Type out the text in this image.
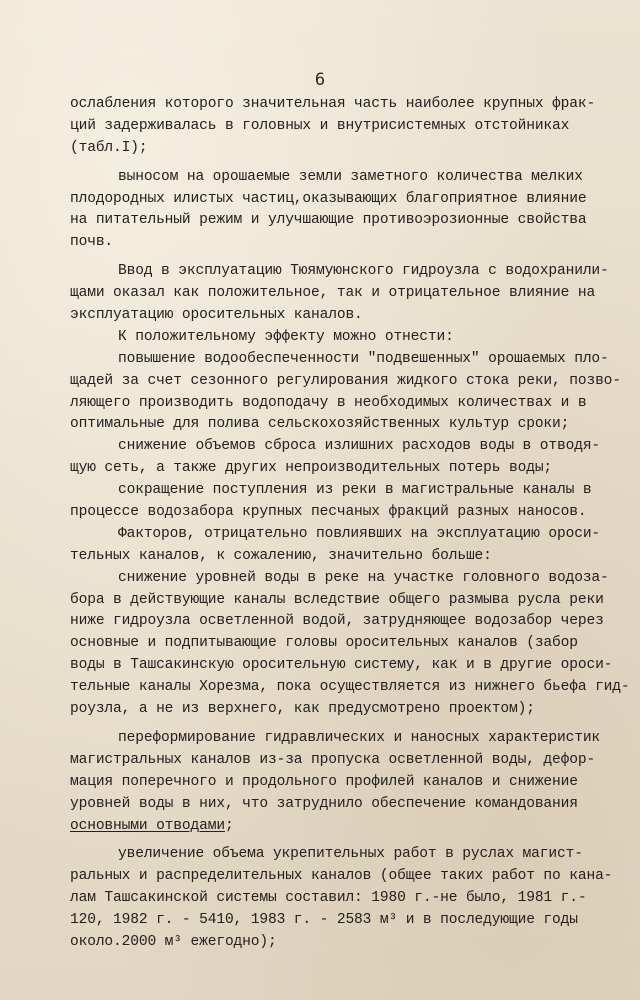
6
ослабления которого значительная часть наиболее крупных фрак-
ций задерживалась в головных и внутрисистемных отстойниках
(табл.I);
выносом на орошаемые земли заметного количества мелких
плодородных илистых частиц,оказывающих благоприятное влияние
на питательный режим и улучшающие противоэрозионные свойства
почв.
Ввод в эксплуатацию Тюямуюнского гидроузла с водохранили-
щами оказал как положительное, так и отрицательное влияние на
эксплуатацию оросительных каналов.
К положительному эффекту можно отнести:
повышение водообеспеченности "подвешенных" орошаемых пло-
щадей за счет сезонного регулирования жидкого стока реки, позво-
ляющего производить водоподачу в необходимых количествах и в
оптимальные для полива сельскохозяйственных культур сроки;
снижение объемов сброса излишних расходов воды в отводя-
щую сеть, а также других непроизводительных потерь воды;
сокращение поступления из реки в магистральные каналы в
процессе водозабора крупных песчаных фракций разных наносов.
Факторов, отрицательно повлиявших на эксплуатацию ороси-
тельных каналов, к сожалению, значительно больше:
снижение уровней воды в реке на участке головного водоза-
бора в действующие каналы вследствие общего размыва русла реки
ниже гидроузла осветленной водой, затрудняющее водозабор через
основные и подпитывающие головы оросительных каналов (забор
воды в Ташсакинскую оросительную систему, как и в другие ороси-
тельные каналы Хорезма, пока осуществляется из нижнего бьефа гид-
роузла, а не из верхнего, как предусмотрено проектом);
переформирование гидравлических и наносных характеристик
магистральных каналов из-за пропуска осветленной воды, дефор-
мация поперечного и продольного профилей каналов и снижение
уровней воды в них, что затруднило обеспечение командования
основными отводами;
увеличение объема укрепительных работ в руслах магист-
ральных и распределительных каналов (общее таких работ по кана-
лам Ташсакинской системы составил: 1980 г.-не было, 1981 г.-
120, 1982 г. - 5410, 1983 г. - 2583 м³ и в последующие годы
около.2000 м³ ежегодно);
